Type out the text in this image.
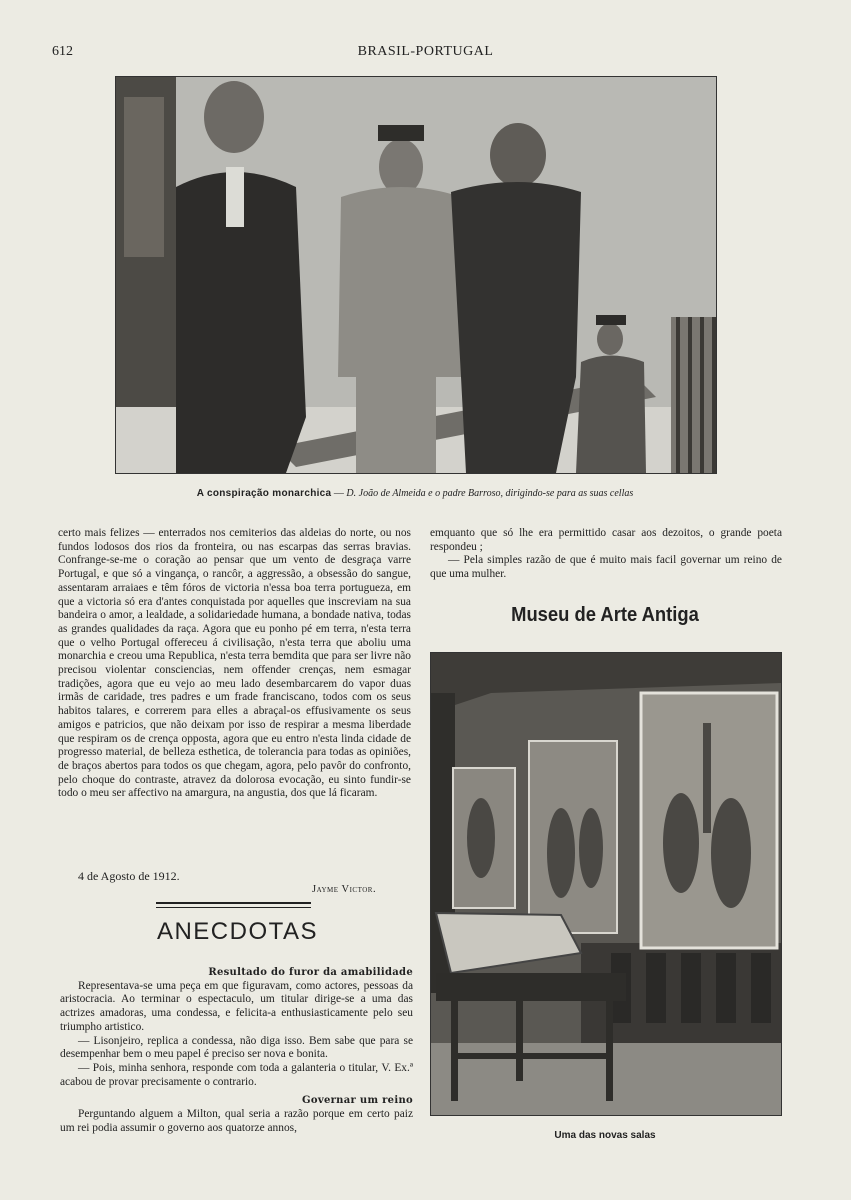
612	BRASIL-PORTUGAL
A conspiração monarchica — D. João de Almeida e o padre Barroso, dirigindo-se para as suas cellas

certo mais felizes — enterrados nos cemiterios das aldeias do norte, ou nos fundos lodosos dos rios da fronteira, ou nas escarpas das serras bravias. Confrange-se-me o coração ao pensar que um vento de desgraça varre Portugal, e que só a vingança, o rancôr, a aggressão, a obsessão do sangue, assentaram arraiaes e têm fóros de victoria n'essa boa terra portugueza, em que a victoria só era d'antes conquistada por aquelles que inscreviam na sua bandeira o amor, a lealdade, a solidariedade humana, a bondade nativa, todas as grandes qualidades da raça. Agora que eu ponho pé em terra, n'esta terra que o velho Portugal offereceu á civilisação, n'esta terra que aboliu uma monarchia e creou uma Republica, n'esta terra bemdita que para ser livre não precisou violentar consciencias, nem offender crenças, nem esmagar tradições, agora que eu vejo ao meu lado desembarcarem do vapor duas irmãs de caridade, tres padres e um frade franciscano, todos com os seus habitos talares, e correrem para elles a abraçal-os effusivamente os seus amigos e patricios, que não deixam por isso de respirar a mesma liberdade que respiram os de crença opposta, agora que eu entro n'esta linda cidade de progresso material, de belleza esthetica, de tolerancia para todas as opiniões, de braços abertos para todos os que chegam, agora, pelo pavôr do confronto, pelo choque do contraste, atravez da dolorosa evocação, eu sinto fundir-se todo o meu ser affectivo na amargura, na angustia, dos que lá ficaram.

4 de Agosto de 1912.
Jayme Victor.
ANECDOTAS
Resultado do furor da amabilidade

Representava-se uma peça em que figuravam, como actores, pessoas da aristocracia. Ao terminar o espectaculo, um titular dirige-se a uma das actrizes amadoras, uma condessa, e felicita-a enthusiasticamente pelo seu triumpho artistico.

— Lisonjeiro, replica a condessa, não diga isso. Bem sabe que para se desempenhar bem o meu papel é preciso ser nova e bonita.

— Pois, minha senhora, responde com toda a galanteria o titular, V. Ex.ª acabou de provar precisamente o contrario.

Governar um reino

Perguntando alguem a Milton, qual seria a razão porque em certo paiz um rei podia assumir o governo aos quatorze annos,

emquanto que só lhe era permittido casar aos dezoitos, o grande poeta respondeu ;

— Pela simples razão de que é muito mais facil governar um reino de que uma mulher.

Museu de Arte Antiga
Uma das novas salas
